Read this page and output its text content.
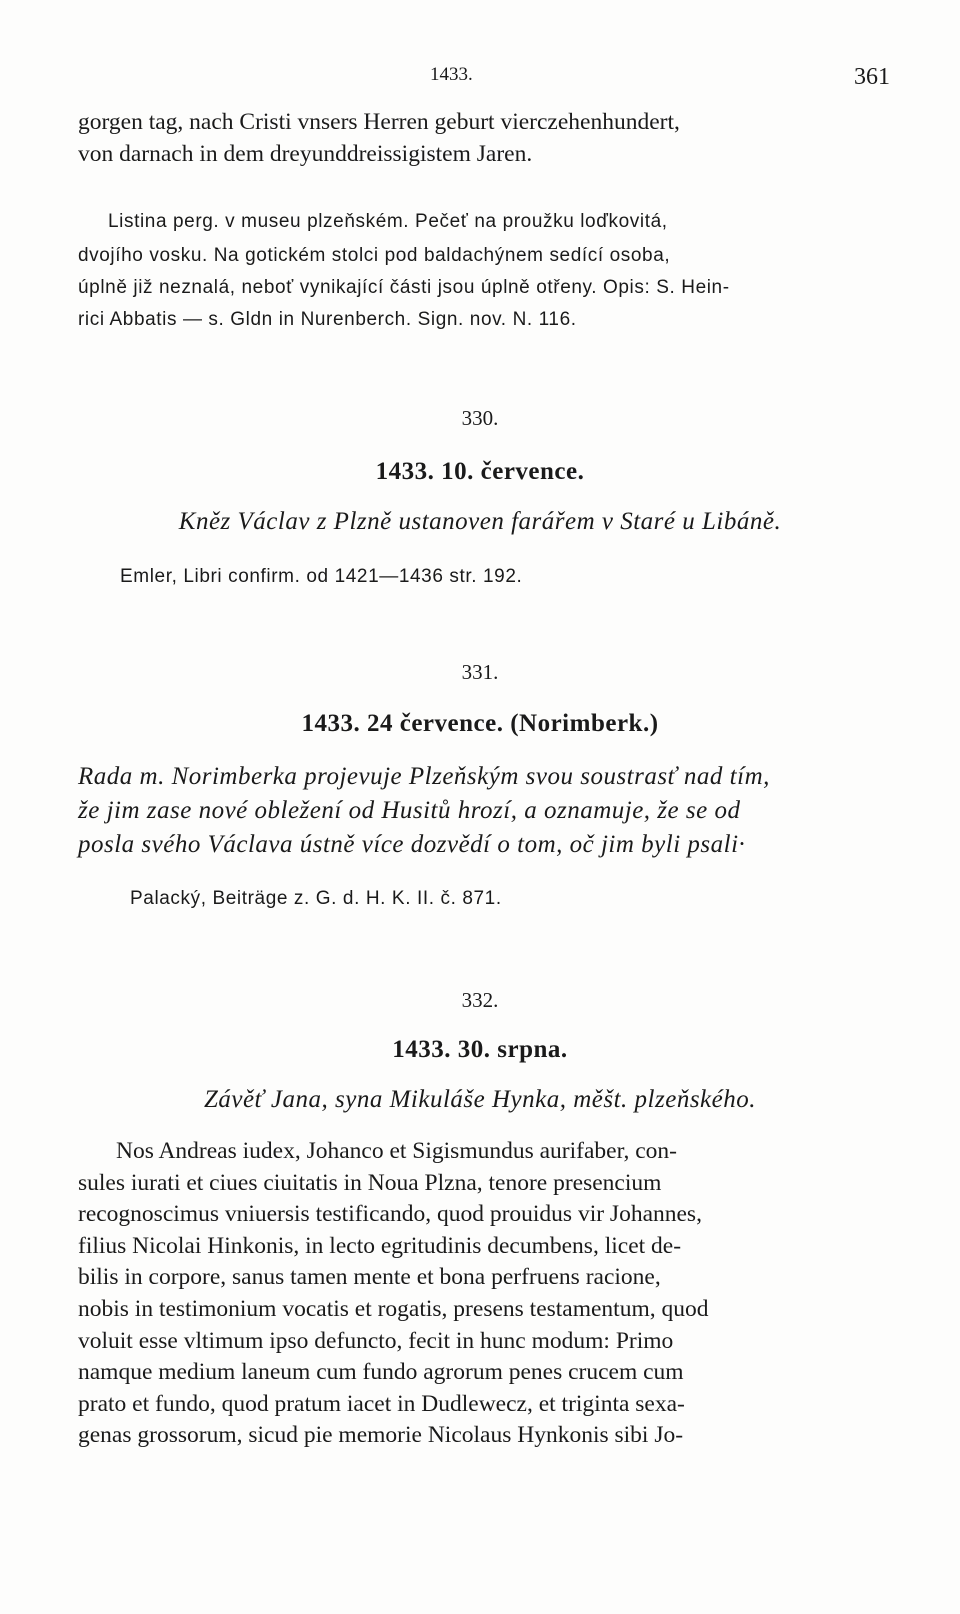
1433.	361
gorgen tag, nach Cristi vnsers Herren geburt vierczehenhundert,
von darnach in dem dreyunddreissigistem Jaren.
Listina perg. v museu plzeňském. Pečeť na proužku loďkovitá,
dvojího vosku. Na gotickém stolci pod baldachýnem sedící osoba,
úplně již neznalá, neboť vynikající části jsou úplně otřeny. Opis: S. Hein-
rici Abbatis — s. Gldn in Nurenberch. Sign. nov. N. 116.
330.
1433. 10. července.
Kněz Václav z Plzně ustanoven farářem v Staré u Libáně.
Emler, Libri confirm. od 1421—1436 str. 192.
331.
1433. 24 července. (Norimberk.)
Rada m. Norimberka projevuje Plzeňským svou soustrasť nad tím,
že jim zase nové obležení od Husitů hrozí, a oznamuje, že se od
posla svého Václava ústně více dozvědí o tom, oč jim byli psali·
Palacký, Beiträge z. G. d. H. K. II. č. 871.
332.
1433. 30. srpna.
Závěť Jana, syna Mikuláše Hynka, měšt. plzeňského.
Nos Andreas iudex, Johanco et Sigismundus aurifaber, con-
sules iurati et ciues ciuitatis in Noua Plzna, tenore presencium
recognoscimus vniuersis testificando, quod prouidus vir Johannes,
filius Nicolai Hinkonis, in lecto egritudinis decumbens, licet de-
bilis in corpore, sanus tamen mente et bona perfruens racione,
nobis in testimonium vocatis et rogatis, presens testamentum, quod
voluit esse vltimum ipso defuncto, fecit in hunc modum: Primo
namque medium laneum cum fundo agrorum penes crucem cum
prato et fundo, quod pratum iacet in Dudlewecz, et triginta sexa-
genas grossorum, sicud pie memorie Nicolaus Hynkonis sibi Jo-
